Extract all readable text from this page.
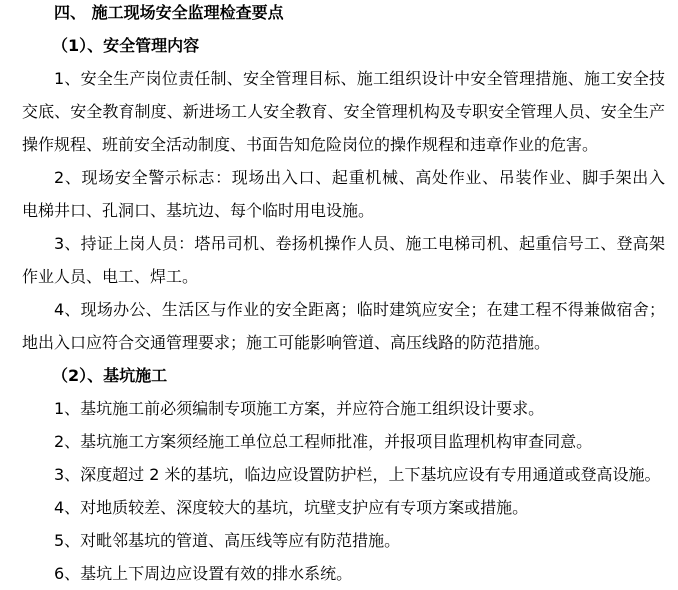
四、 施工现场安全监理检查要点
（1）、安全管理内容
1、安全生产岗位责任制、安全管理目标、施工组织设计中安全管理措施、施工安全技
交底、安全教育制度、新进场工人安全教育、安全管理机构及专职安全管理人员、安全生产
操作规程、班前安全活动制度、书面告知危险岗位的操作规程和违章作业的危害。
2、现场安全警示标志：现场出入口、起重机械、高处作业、吊装作业、脚手架出入
电梯井口、孔洞口、基坑边、每个临时用电设施。
3、持证上岗人员：塔吊司机、卷扬机操作人员、施工电梯司机、起重信号工、登高架
作业人员、电工、焊工。
4、现场办公、生活区与作业的安全距离；临时建筑应安全；在建工程不得兼做宿舍；
地出入口应符合交通管理要求；施工可能影响管道、高压线路的防范措施。
（2）、基坑施工
1、基坑施工前必须编制专项施工方案，并应符合施工组织设计要求。
2、基坑施工方案须经施工单位总工程师批准，并报项目监理机构审查同意。
3、深度超过 2 米的基坑，临边应设置防护栏，上下基坑应设有专用通道或登高设施。
4、对地质较差、深度较大的基坑，坑壁支护应有专项方案或措施。
5、对毗邻基坑的管道、高压线等应有防范措施。
6、基坑上下周边应设置有效的排水系统。
